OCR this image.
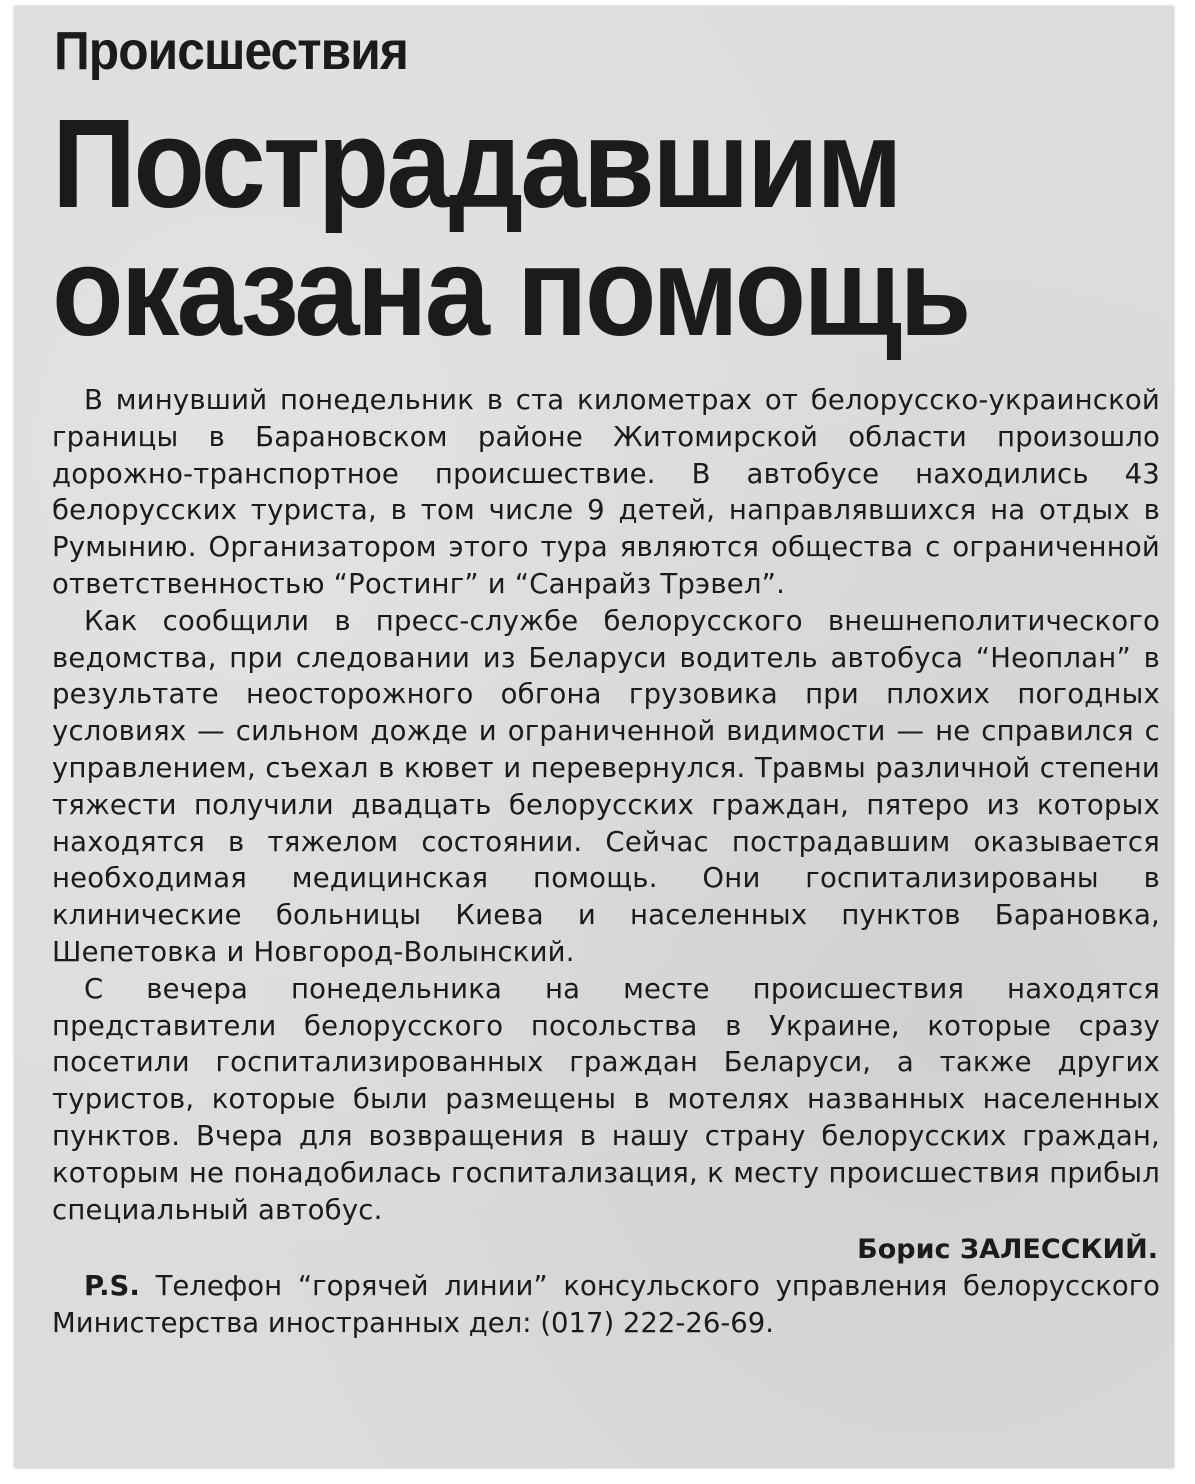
Происшествия
Пострадавшим
оказана помощь

В минувший понедельник в ста километрах от белорусско-украинской границы в Барановском районе Житомирской области произошло дорожно-транспортное происшествие. В автобусе находились 43 белорусских туриста, в том числе 9 детей, направлявшихся на отдых в Румынию. Организатором этого тура являются общества с ограниченной ответственностью “Ростинг” и “Санрайз Трэвел”.

Как сообщили в пресс-службе белорусского внешнеполитического ведомства, при следовании из Беларуси водитель автобуса “Неоплан” в результате неосторожного обгона грузовика при плохих погодных условиях — сильном дожде и ограниченной видимости — не справился с управлением, съехал в кювет и перевернулся. Травмы различной степени тяжести получили двадцать белорусских граждан, пятеро из которых находятся в тяжелом состоянии. Сейчас пострадавшим оказывается необходимая медицинская помощь. Они госпитализированы в клинические больницы Киева и населенных пунктов Барановка, Шепетовка и Новгород-Волынский.

С вечера понедельника на месте происшествия находятся представители белорусского посольства в Украине, которые сразу посетили госпитализированных граждан Беларуси, а также других туристов, которые были размещены в мотелях названных населенных пунктов. Вчера для возвращения в нашу страну белорусских граждан, которым не понадобилась госпитализация, к месту происшествия прибыл специальный автобус.

Борис ЗАЛЕССКИЙ.
P.S. Телефон “горячей линии” консульского управления белорусского Министерства иностранных дел: (017) 222-26-69.
